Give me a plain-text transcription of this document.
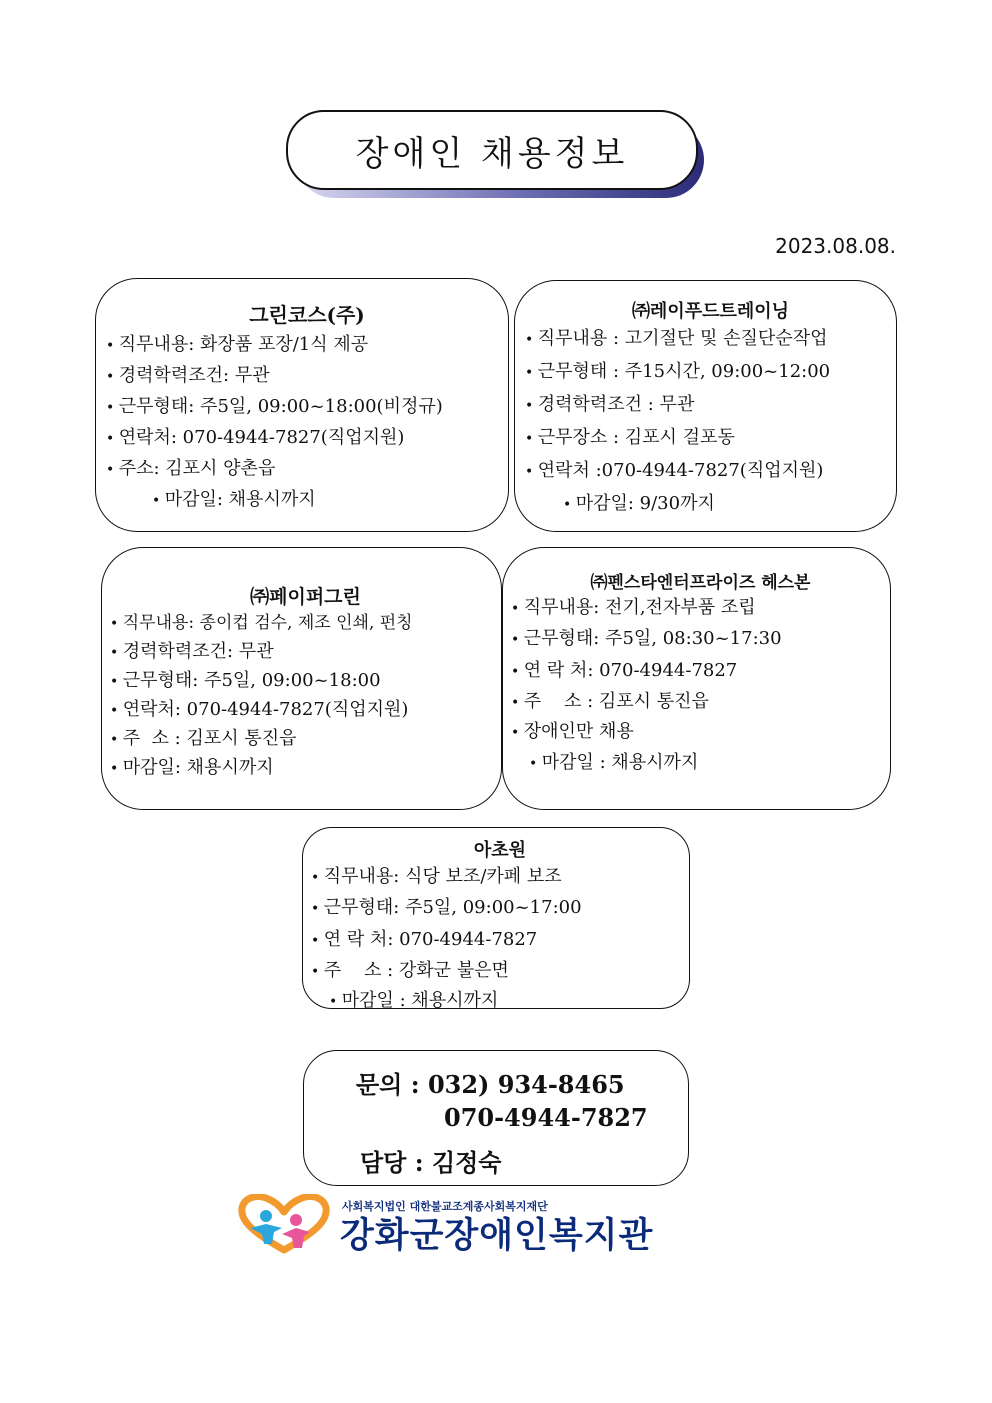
장애인 채용정보
2023.08.08.
그린코스(주)
• 직무내용: 화장품 포장/1식 제공
• 경력학력조건: 무관
• 근무형태: 주5일, 09:00~18:00(비정규)
• 연락처: 070-4944-7827(직업지원)
• 주소: 김포시 양촌읍
• 마감일: 채용시까지
㈜레이푸드트레이닝
• 직무내용 : 고기절단 및 손질단순작업
• 근무형태 : 주15시간, 09:00~12:00
• 경력학력조건 : 무관
• 근무장소 : 김포시 걸포동
• 연락처 :070-4944-7827(직업지원)
• 마감일: 9/30까지
㈜페이퍼그린
• 직무내용: 종이컵 검수, 제조 인쇄, 펀칭
• 경력학력조건: 무관
• 근무형태: 주5일, 09:00~18:00
• 연락처: 070-4944-7827(직업지원)
• 주  소 : 김포시 통진읍
• 마감일: 채용시까지
㈜펜스타엔터프라이즈 헤스본
• 직무내용: 전기,전자부품 조립
• 근무형태: 주5일, 08:30~17:30
• 연 락 처: 070-4944-7827
• 주    소 : 김포시 통진읍
• 장애인만 채용
• 마감일 : 채용시까지
아초원
• 직무내용: 식당 보조/카페 보조
• 근무형태: 주5일, 09:00~17:00
• 연 락 처: 070-4944-7827
• 주    소 : 강화군 불은면
• 마감일 : 채용시까지
문의 : 032) 934-8465
070-4944-7827
담당 : 김정숙
사회복지법인 대한불교조계종사회복지재단
강화군장애인복지관
